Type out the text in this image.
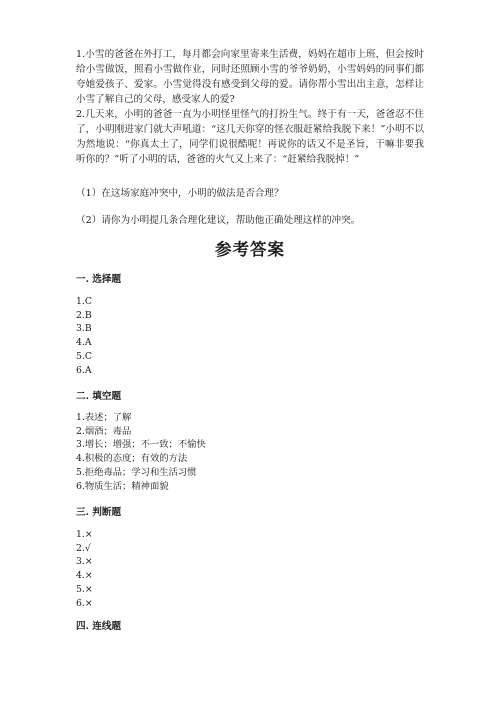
1.小雪的爸爸在外打工，每月都会向家里寄来生活费，妈妈在超市上班，但会按时给小雪做饭，照看小雪做作业，同时还照顾小雪的爷爷奶奶，小雪妈妈的同事们都夸她爱孩子、爱家。小雪觉得没有感受到父母的爱。请你帮小雪出出主意，怎样让小雪了解自己的父母，感受家人的爱?

2.几天来，小明的爸爸一直为小明怪里怪气的打扮生气。终于有一天，爸爸忍不住了，小明刚进家门就大声吼道：“这几天你穿的怪衣服赶紧给我脱下来！”小明不以为然地说：“你真太土了，同学们说很酷呢！再说你的话又不是圣旨，干嘛非要我听你的？”听了小明的话，爸爸的火气又上来了：“赶紧给我脱掉！”

（1）在这场家庭冲突中，小明的做法是否合理？

（2）请你为小明提几条合理化建议，帮助他正确处理这样的冲突。

参考答案
一. 选择题
1.C
2.B
3.B
4.A
5.C
6.A
二. 填空题
1.表述；了解
2.烟酒；毒品
3.增长；增强；不一致；不愉快
4.积极的态度；有效的方法
5.拒绝毒品；学习和生活习惯
6.物质生活；精神面貌
三. 判断题
1.×
2.√
3.×
4.×
5.×
6.×
四. 连线题
